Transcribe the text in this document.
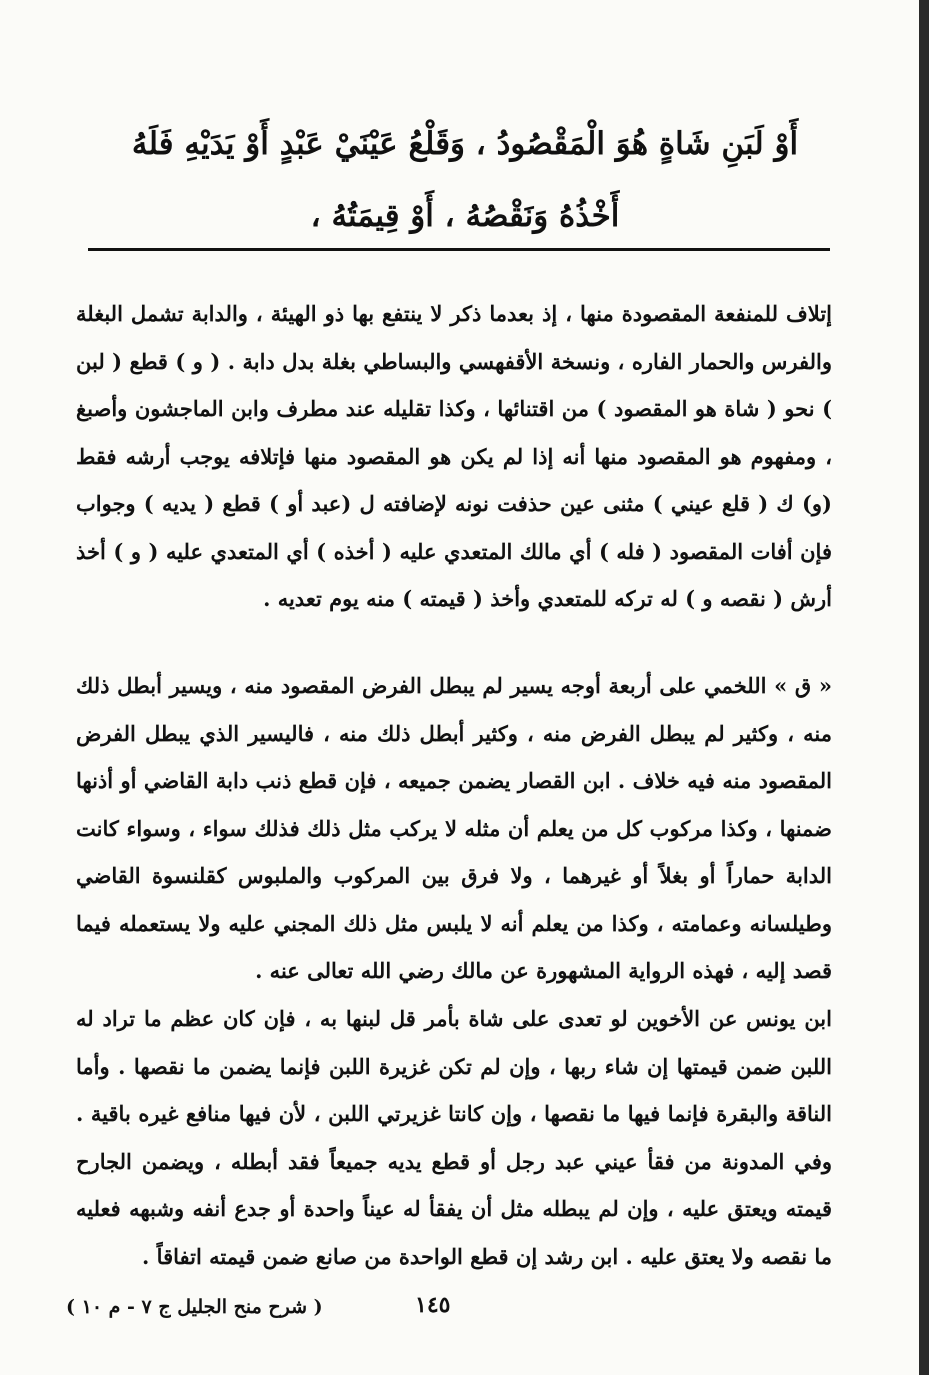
أَوْ لَبَنِ شَاةٍ هُوَ الْمَقْصُودُ ، وَقَلْعُ عَيْنَيْ عَبْدٍ أَوْ يَدَيْهِ فَلَهُ أَخْذُهُ وَنَقْصُهُ ، أَوْ قِيمَتُهُ ،

إتلاف للمنفعة المقصودة منها ، إذ بعدما ذكر لا ينتفع بها ذو الهيئة ، والدابة تشمل البغلة والفرس والحمار الفاره ، ونسخة الأقفهسي والبساطي بغلة بدل دابة . ( و ) قطع ( لبن ) نحو ( شاة هو المقصود ) من اقتنائها ، وكذا تقليله عند مطرف وابن الماجشون وأصبغ ، ومفهوم هو المقصود منها أنه إذا لم يكن هو المقصود منها فإتلافه يوجب أرشه فقط (و) ك ( قلع عيني ) مثنى عين حذفت نونه لإضافته ل (عبد أو ) قطع ( يديه ) وجواب فإن أفات المقصود ( فله ) أي مالك المتعدي عليه ( أخذه ) أي المتعدي عليه ( و ) أخذ أرش ( نقصه و ) له تركه للمتعدي وأخذ ( قيمته ) منه يوم تعديه .

« ق » اللخمي على أربعة أوجه يسير لم يبطل الفرض المقصود منه ، ويسير أبطل ذلك منه ، وكثير لم يبطل الفرض منه ، وكثير أبطل ذلك منه ، فاليسير الذي يبطل الفرض المقصود منه فيه خلاف . ابن القصار يضمن جميعه ، فإن قطع ذنب دابة القاضي أو أذنها ضمنها ، وكذا مركوب كل من يعلم أن مثله لا يركب مثل ذلك فذلك سواء ، وسواء كانت الدابة حماراً أو بغلاً أو غيرهما ، ولا فرق بين المركوب والملبوس كقلنسوة القاضي وطيلسانه وعمامته ، وكذا من يعلم أنه لا يلبس مثل ذلك المجني عليه ولا يستعمله فيما قصد إليه ، فهذه الرواية المشهورة عن مالك رضي الله تعالى عنه .

ابن يونس عن الأخوين لو تعدى على شاة بأمر قل لبنها به ، فإن كان عظم ما تراد له اللبن ضمن قيمتها إن شاء ربها ، وإن لم تكن غزيرة اللبن فإنما يضمن ما نقصها . وأما الناقة والبقرة فإنما فيها ما نقصها ، وإن كانتا غزيرتي اللبن ، لأن فيها منافع غيره باقية . وفي المدونة من فقأ عيني عبد رجل أو قطع يديه جميعاً فقد أبطله ، ويضمن الجارح قيمته ويعتق عليه ، وإن لم يبطله مثل أن يفقأ له عيناً واحدة أو جدع أنفه وشبهه فعليه ما نقصه ولا يعتق عليه . ابن رشد إن قطع الواحدة من صانع ضمن قيمته اتفاقاً .

١٤٥
( شرح منح الجليل ج ٧ - م ١٠ )
